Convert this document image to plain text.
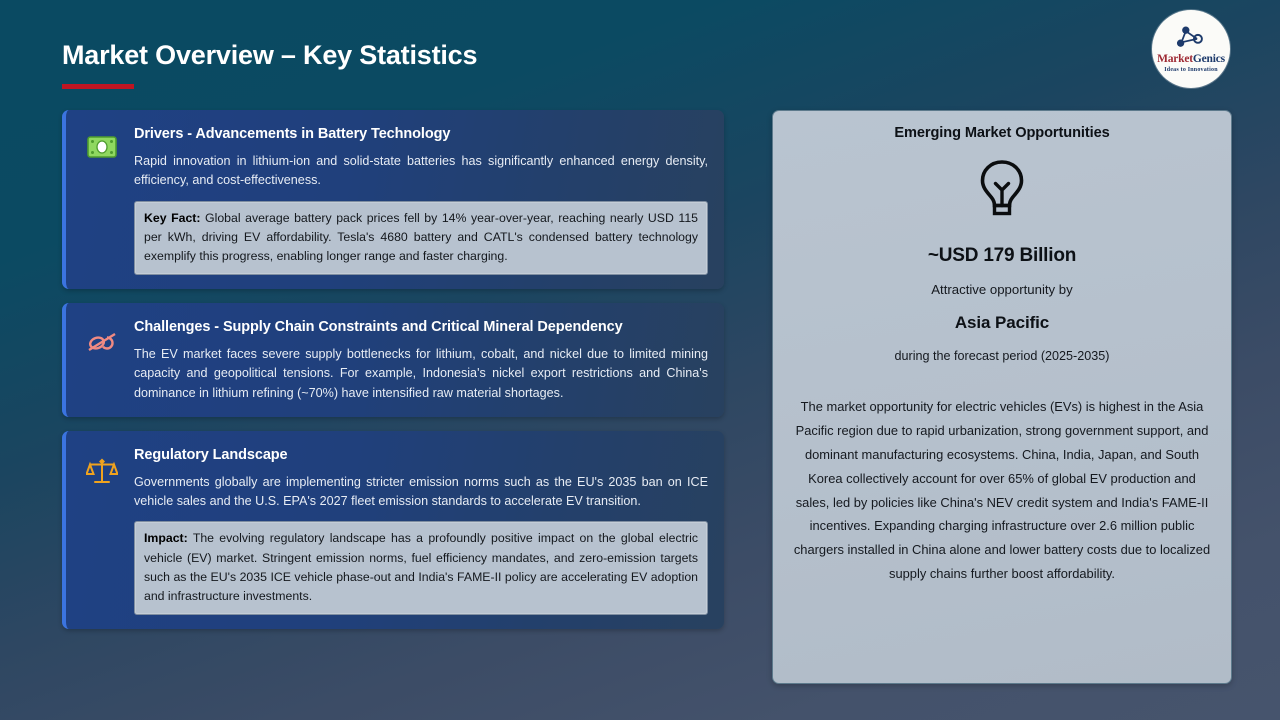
Market Overview – Key Statistics	MarketGenics
Ideas to Innovation
Drivers - Advancements in Battery Technology
Rapid innovation in lithium-ion and solid-state batteries has significantly enhanced energy density, efficiency, and cost-effectiveness.
Key Fact: Global average battery pack prices fell by 14% year-over-year, reaching nearly USD 115 per kWh, driving EV affordability. Tesla's 4680 battery and CATL's condensed battery technology exemplify this progress, enabling longer range and faster charging.
Challenges - Supply Chain Constraints and Critical Mineral Dependency
The EV market faces severe supply bottlenecks for lithium, cobalt, and nickel due to limited mining capacity and geopolitical tensions. For example, Indonesia's nickel export restrictions and China's dominance in lithium refining (~70%) have intensified raw material shortages.
Regulatory Landscape
Governments globally are implementing stricter emission norms such as the EU's 2035 ban on ICE vehicle sales and the U.S. EPA's 2027 fleet emission standards to accelerate EV transition.
Impact: The evolving regulatory landscape has a profoundly positive impact on the global electric vehicle (EV) market. Stringent emission norms, fuel efficiency mandates, and zero-emission targets such as the EU's 2035 ICE vehicle phase-out and India's FAME-II policy are accelerating EV adoption and infrastructure investments.
Emerging Market Opportunities
~USD 179 Billion
Attractive opportunity by
Asia Pacific
during the forecast period (2025-2035)
The market opportunity for electric vehicles (EVs) is highest in the Asia Pacific region due to rapid urbanization, strong government support, and dominant manufacturing ecosystems. China, India, Japan, and South Korea collectively account for over 65% of global EV production and sales, led by policies like China's NEV credit system and India's FAME-II incentives. Expanding charging infrastructure over 2.6 million public chargers installed in China alone and lower battery costs due to localized supply chains further boost affordability.
